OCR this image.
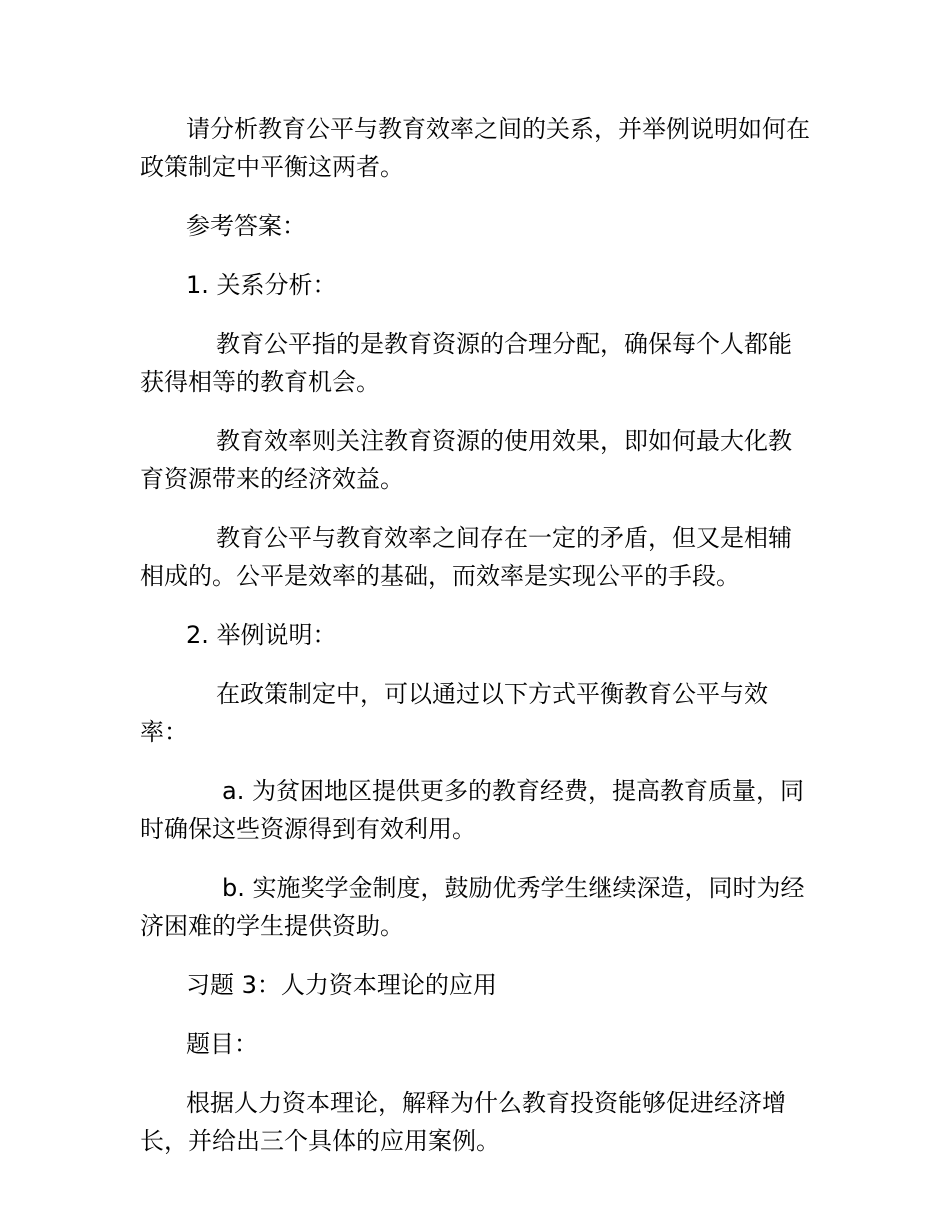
请分析教育公平与教育效率之间的关系，并举例说明如何在政策制定中平衡这两者。

参考答案：

1. 关系分析：

教育公平指的是教育资源的合理分配，确保每个人都能获得相等的教育机会。

教育效率则关注教育资源的使用效果，即如何最大化教育资源带来的经济效益。

教育公平与教育效率之间存在一定的矛盾，但又是相辅相成的。公平是效率的基础，而效率是实现公平的手段。

2. 举例说明：

在政策制定中，可以通过以下方式平衡教育公平与效率：

a. 为贫困地区提供更多的教育经费，提高教育质量，同时确保这些资源得到有效利用。

b. 实施奖学金制度，鼓励优秀学生继续深造，同时为经济困难的学生提供资助。

习题 3：人力资本理论的应用

题目：

根据人力资本理论，解释为什么教育投资能够促进经济增长，并给出三个具体的应用案例。
